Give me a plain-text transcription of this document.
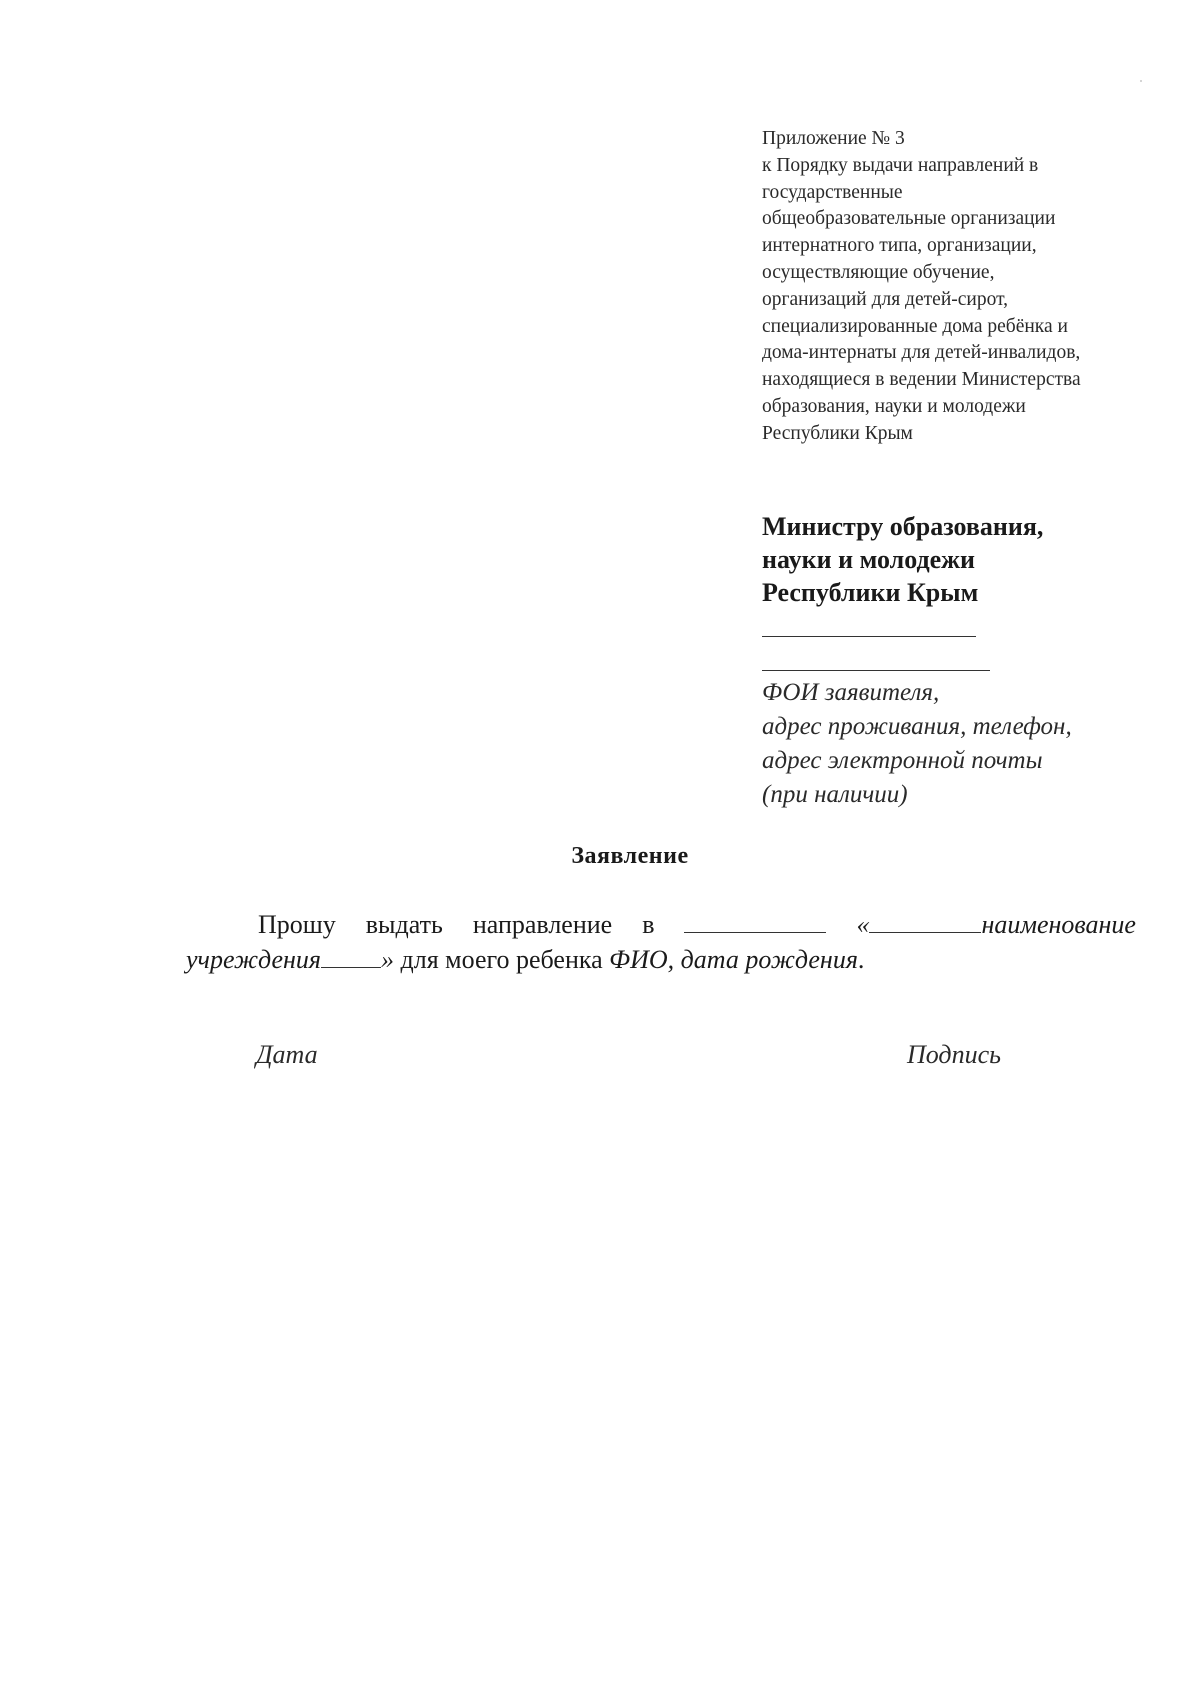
Приложение № 3
к Порядку выдачи направлений в
государственные
общеобразовательные организации
интернатного типа, организации,
осуществляющие обучение,
организаций для детей-сирот,
специализированные дома ребёнка и
дома-интернаты для детей-инвалидов,
находящиеся в ведении Министерства
образования, науки и молодежи
Республики Крым
Министру образования,
науки и молодежи
Республики Крым
ФОИ заявителя,
адрес проживания, телефон,
адрес электронной почты
(при наличии)
Заявление
Прошу выдать направление в	«	наименование
учреждения » для моего ребенка ФИО, дата рождения.
Дата	Подпись
